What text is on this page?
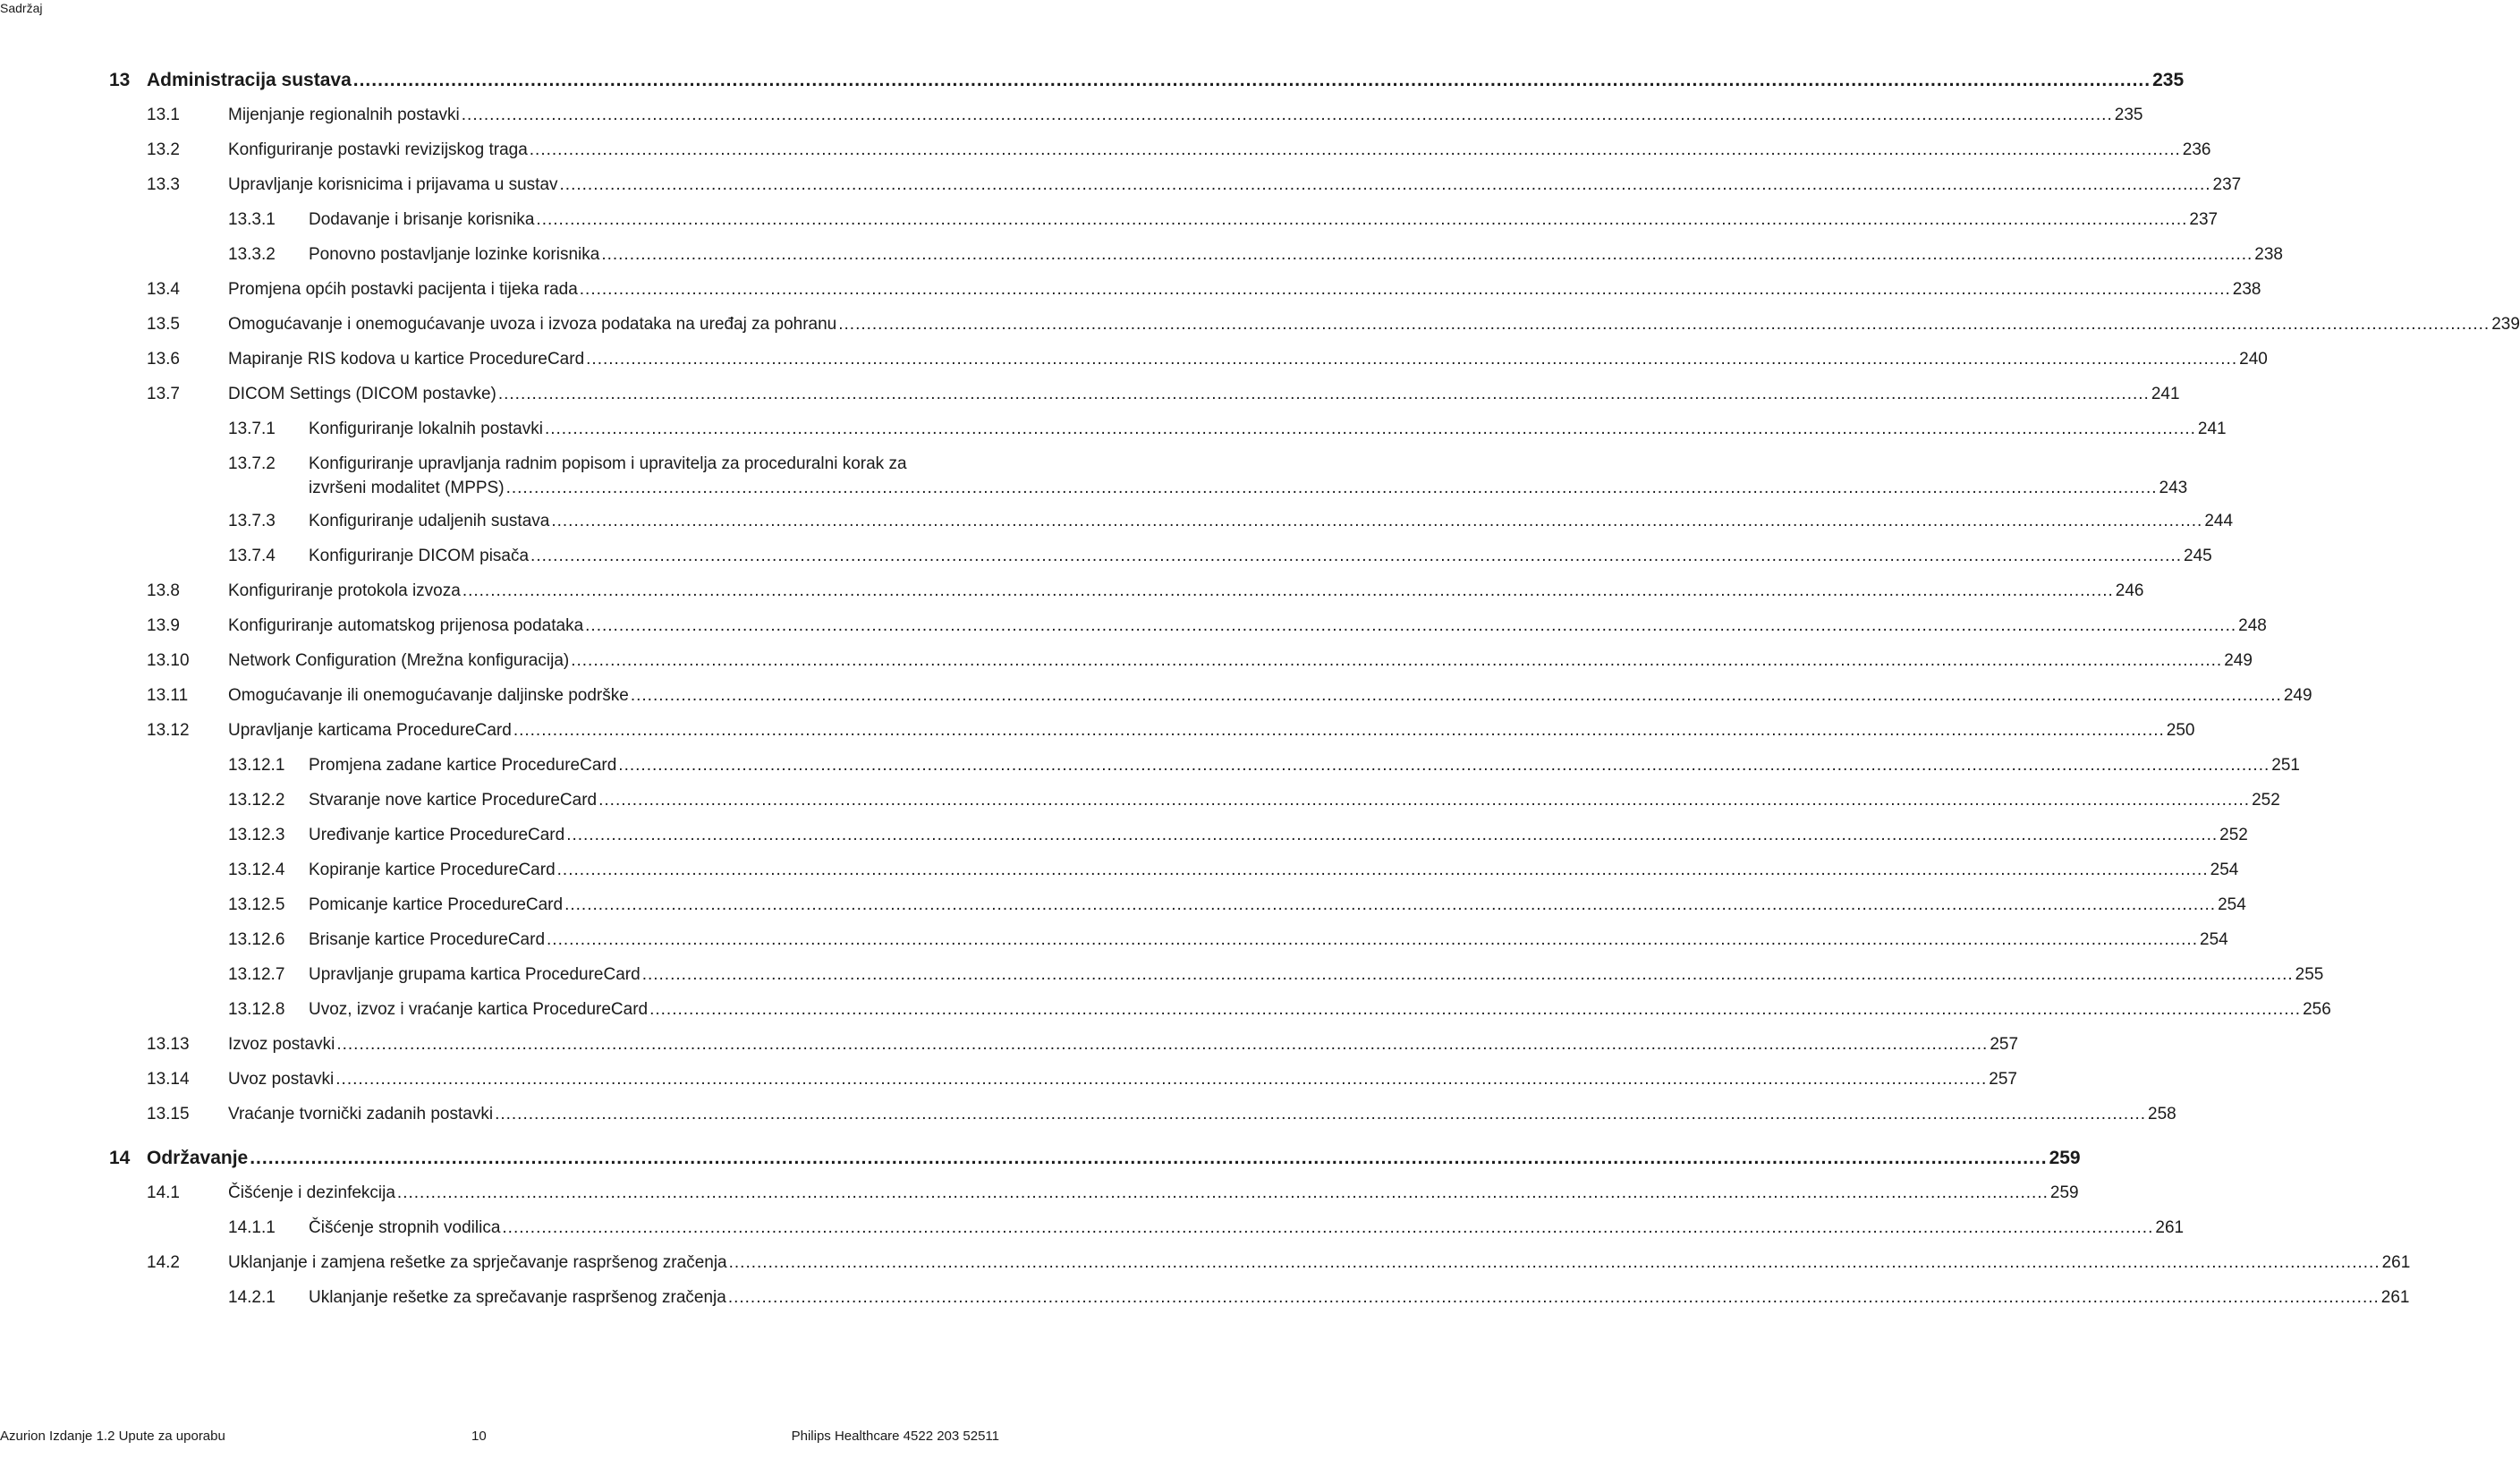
Sadržaj
13 Administracija sustava .....	235
13.1	Mijenjanje regionalnih postavki .....	235
13.2	Konfiguriranje postavki revizijskog traga .....	236
13.3	Upravljanje korisnicima i prijavama u sustav .....	237
13.3.1 Dodavanje i brisanje korisnika .....	237
13.3.2 Ponovno postavljanje lozinke korisnika .....	238
13.4	Promjena općih postavki pacijenta i tijeka rada .....	238
13.5	Omogućavanje i onemogućavanje uvoza i izvoza podataka na uređaj za pohranu .....	239
13.6	Mapiranje RIS kodova u kartice ProcedureCard .....	240
13.7	DICOM Settings (DICOM postavke) .....	241
13.7.1 Konfiguriranje lokalnih postavki .....	241
13.7.2 Konfiguriranje upravljanja radnim popisom i upravitelja za proceduralni korak za
izvršeni modalitet (MPPS) .....	243
13.7.3 Konfiguriranje udaljenih sustava .....	244
13.7.4 Konfiguriranje DICOM pisača .....	245
13.8	Konfiguriranje protokola izvoza .....	246
13.9	Konfiguriranje automatskog prijenosa podataka .....	248
13.10 Network Configuration (Mrežna konfiguracija) .....	249
13.11 Omogućavanje ili onemogućavanje daljinske podrške .....	249
13.12 Upravljanje karticama ProcedureCard .....	250
13.12.1 Promjena zadane kartice ProcedureCard .....	251
13.12.2 Stvaranje nove kartice ProcedureCard .....	252
13.12.3 Uređivanje kartice ProcedureCard .....	252
13.12.4 Kopiranje kartice ProcedureCard .....	254
13.12.5 Pomicanje kartice ProcedureCard .....	254
13.12.6 Brisanje kartice ProcedureCard .....	254
13.12.7 Upravljanje grupama kartica ProcedureCard .....	255
13.12.8 Uvoz, izvoz i vraćanje kartica ProcedureCard .....	256
13.13 Izvoz postavki .....	257
13.14 Uvoz postavki .....	257
13.15 Vraćanje tvornički zadanih postavki .....	258
14 Održavanje .....	259
14.1	Čišćenje i dezinfekcija .....	259
14.1.1 Čišćenje stropnih vodilica .....	261
14.2	Uklanjanje i zamjena rešetke za sprječavanje raspršenog zračenja .....	261
14.2.1 Uklanjanje rešetke za sprečavanje raspršenog zračenja .....	261
Azurion Izdanje 1.2 Upute za uporabu	10	Philips Healthcare 4522 203 52511
